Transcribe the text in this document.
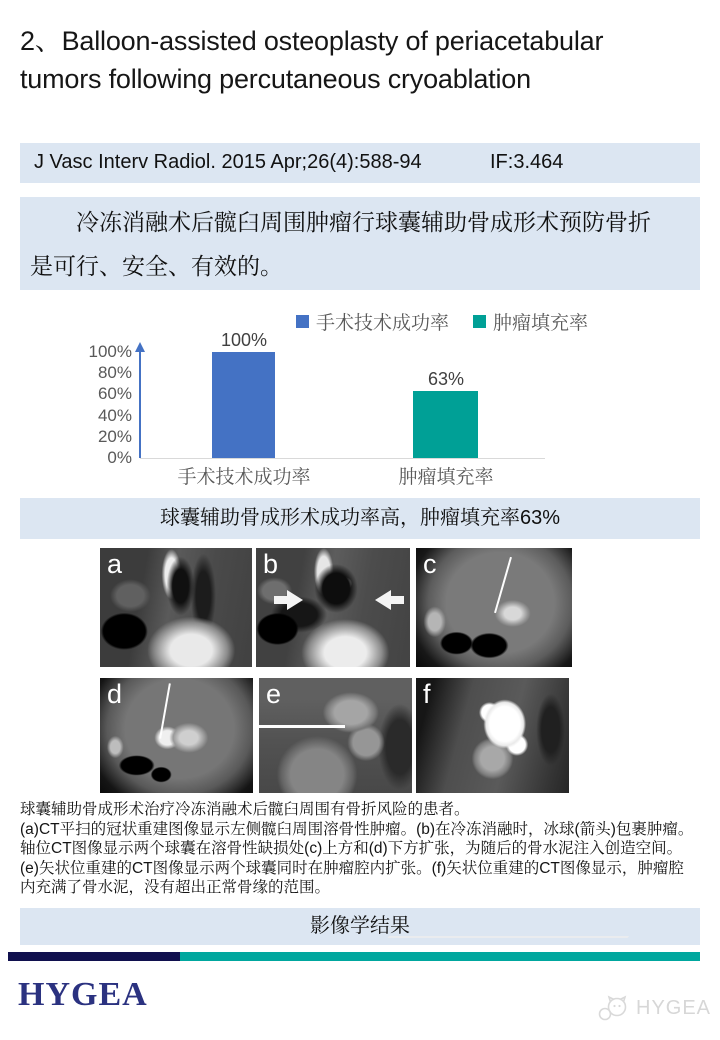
2、Balloon-assisted osteoplasty of periacetabular
tumors following percutaneous cryoablation
J Vasc Interv Radiol. 2015 Apr;26(4):588-94	IF:3.464
冷冻消融术后髋臼周围肿瘤行球囊辅助骨成形术预防骨折
是可行、安全、有效的。
手术技术成功率 肿瘤填充率
100%
80%
60%
40%
20%
0%
100%
63%
手术技术成功率	肿瘤填充率
球囊辅助骨成形术成功率高，肿瘤填充率63%
a	b	c
d	e	f
球囊辅助骨成形术治疗冷冻消融术后髋臼周围有骨折风险的患者。
(a)CT平扫的冠状重建图像显示左侧髋臼周围溶骨性肿瘤。(b)在冷冻消融时，冰球(箭头)包裹肿瘤。
轴位CT图像显示两个球囊在溶骨性缺损处(c)上方和(d)下方扩张，为随后的骨水泥注入创造空间。
(e)矢状位重建的CT图像显示两个球囊同时在肿瘤腔内扩张。(f)矢状位重建的CT图像显示，肿瘤腔
内充满了骨水泥，没有超出正常骨缘的范围。
影像学结果
HYGEA	HYGEA
